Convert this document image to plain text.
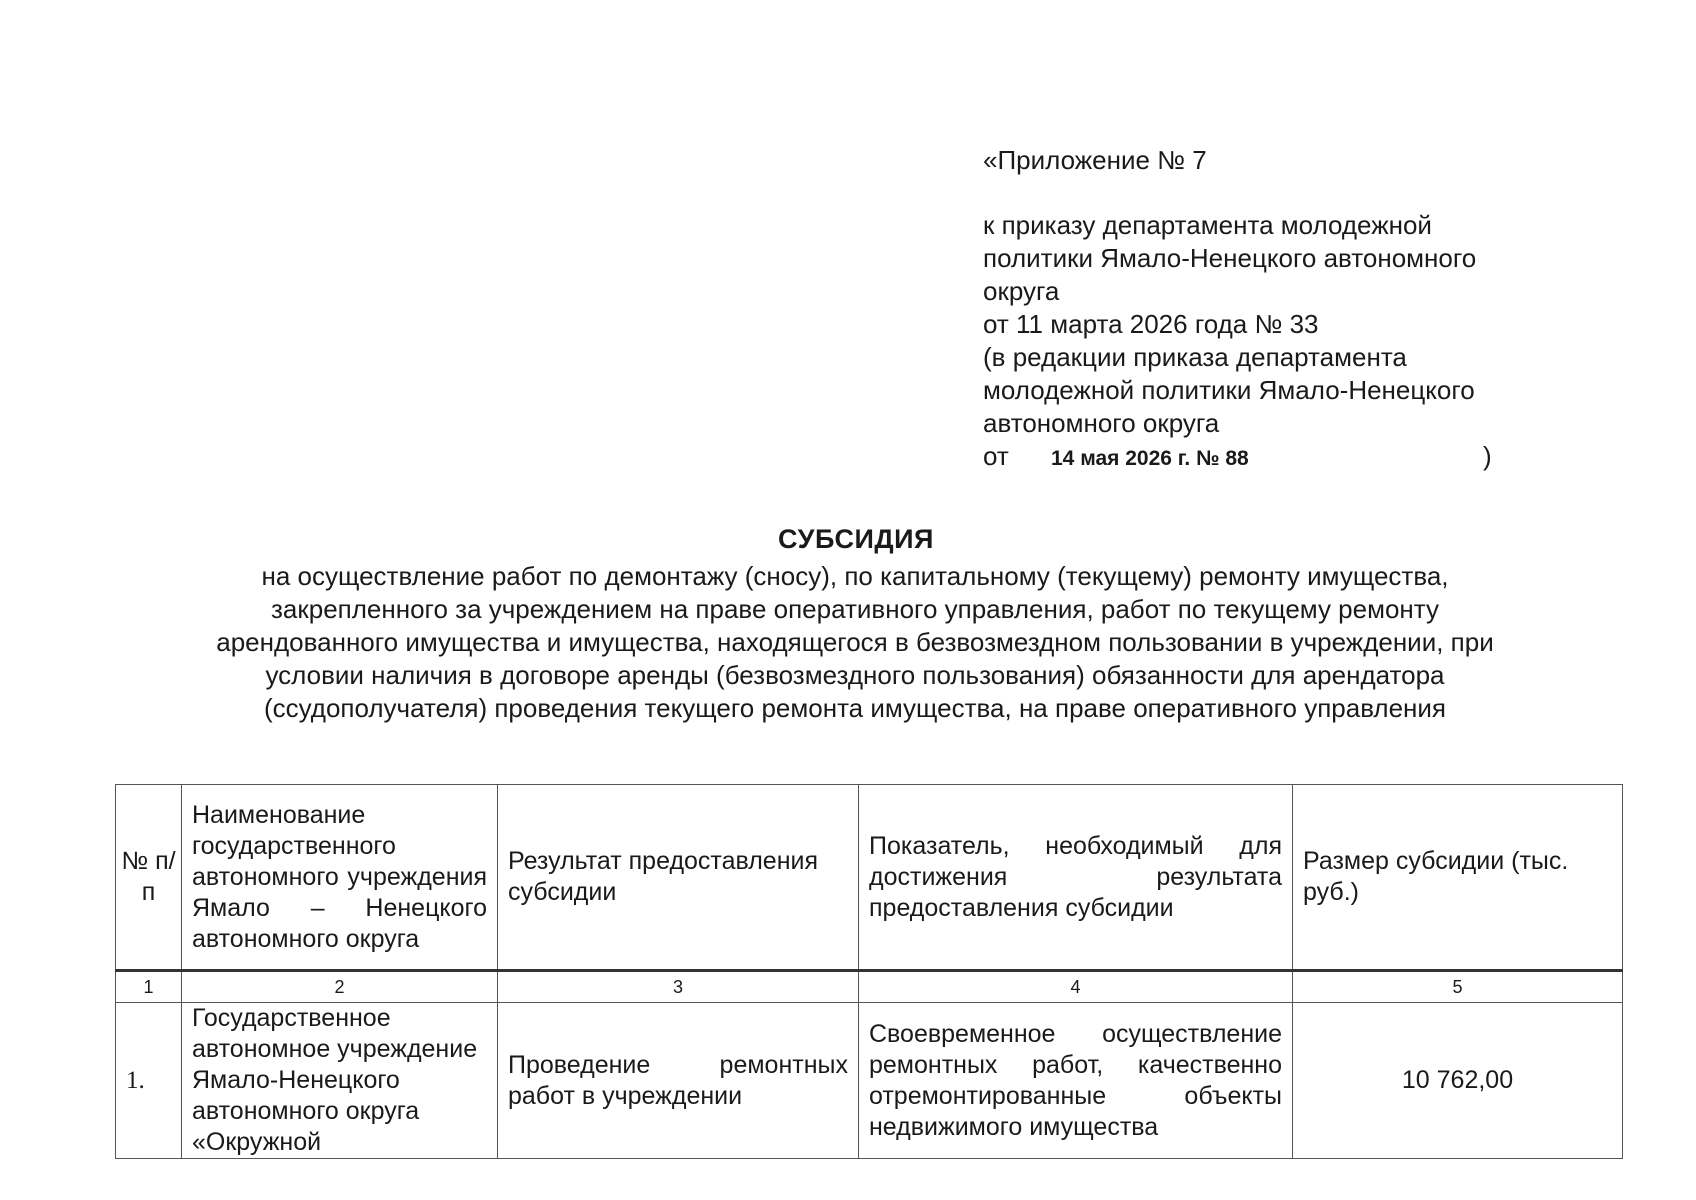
«Приложение № 7
к приказу департамента молодежной
политики Ямало-Ненецкого автономного
округа
от 11 марта 2026 года № 33
(в редакции приказа департамента
молодежной политики Ямало-Ненецкого
автономного округа
от 14 мая 2026 г. № 88	)
СУБСИДИЯ
на осуществление работ по демонтажу (сносу), по капитальному (текущему) ремонту имущества,
закрепленного за учреждением на праве оперативного управления, работ по текущему ремонту
арендованного имущества и имущества, находящегося в безвозмездном пользовании в учреждении, при
условии наличия в договоре аренды (безвозмездного пользования) обязанности для арендатора
(ссудополучателя) проведения текущего ремонта имущества, на праве оперативного управления
№ п/п	Наименование государственного автономного учреждения Ямало – Ненецкого автономного округа	Результат предоставления субсидии	Показатель, необходимый для достижения результата предоставления субсидии	Размер субсидии (тыс. руб.)
1	2	3	4	5
1.	Государственное автономное учреждение Ямало-Ненецкого автономного округа «Окружной	Проведение ремонтных работ в учреждении	Своевременное осуществление ремонтных работ, качественно отремонтированные объекты недвижимого имущества	10 762,00
